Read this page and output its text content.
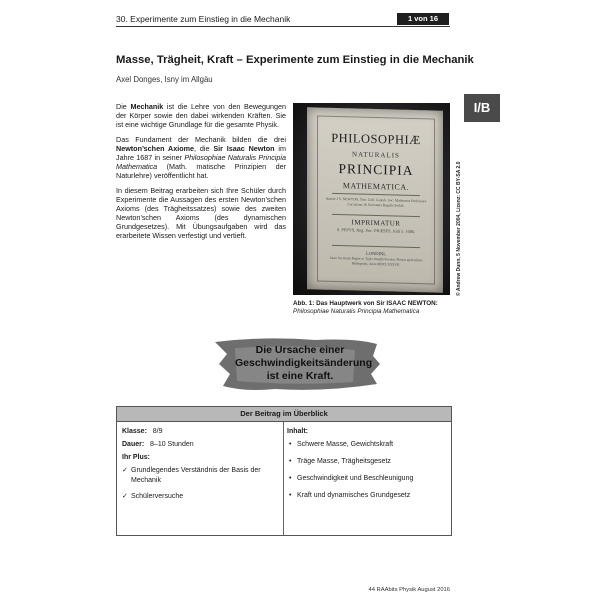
30. Experimente zum Einstieg in die Mechanik	1 von 16
Masse, Trägheit, Kraft – Experimente zum Einstieg in die Mechanik
Axel Donges, Isny im Allgäu
I/B

Die Mechanik ist die Lehre von den Bewegungen der Körper sowie den dabei wirkenden Kräften. Sie ist eine wichtige Grundlage für die gesamte Physik.

Das Fundament der Mechanik bilden die drei Newton’schen Axiome, die Sir Isaac Newton im Jahre 1687 in seiner Philosophiae Naturalis Principia Mathematica (Math. matische Prinzipien der Naturlehre) veröffentlicht hat.

In diesem Beitrag erarbeiten sich Ihre Schüler durch Experimente die Aussagen des ersten Newton’schen Axioms (des Trägheitssatzes) sowie des zweiten Newton’schen Axioms (des dynamischen Grundgesetzes). Mit Übungsaufgaben wird das erarbeitete Wissen verfestigt und vertieft.

PHILOSOPHIÆ
NATURALIS
PRINCIPIA
MATHEMATICA.
Autore J S. NEWTON, Trin. Coll. Cantab. Soc. Matheseos Professore Lucasiano, & Societatis Regalis Sodali.
IMPRIMATUR
S. PEPYS, Reg. Soc. PRÆSES. Julii 5. 1686.
LONDINI,
Jussu Societatis Regiæ ac Typis Josephi Streater. Prostat apud plures Bibliopolas. Anno MDCLXXXVII.	© Andrew Dunn, 5 November 2004, Lizenz: CC BY-SA 2.0
Abb. 1: Das Hauptwerk von Sir ISAAC NEWTON:
Philosophiae Naturalis Principia Mathematica
Die Ursache einer
Geschwindigkeitsänderung
ist eine Kraft.
Der Beitrag im Überblick
Klasse: 8/9
Dauer: 8–10 Stunden
Ihr Plus:
✓ Grundlegendes Verständnis der Basis der Mechanik
✓ Schülerversuche
Inhalt:
• Schwere Masse, Gewichtskraft
• Träge Masse, Trägheitsgesetz
• Geschwindigkeit und Beschleunigung
• Kraft und dynamisches Grundgesetz
44 RAAbits Physik August 2016
